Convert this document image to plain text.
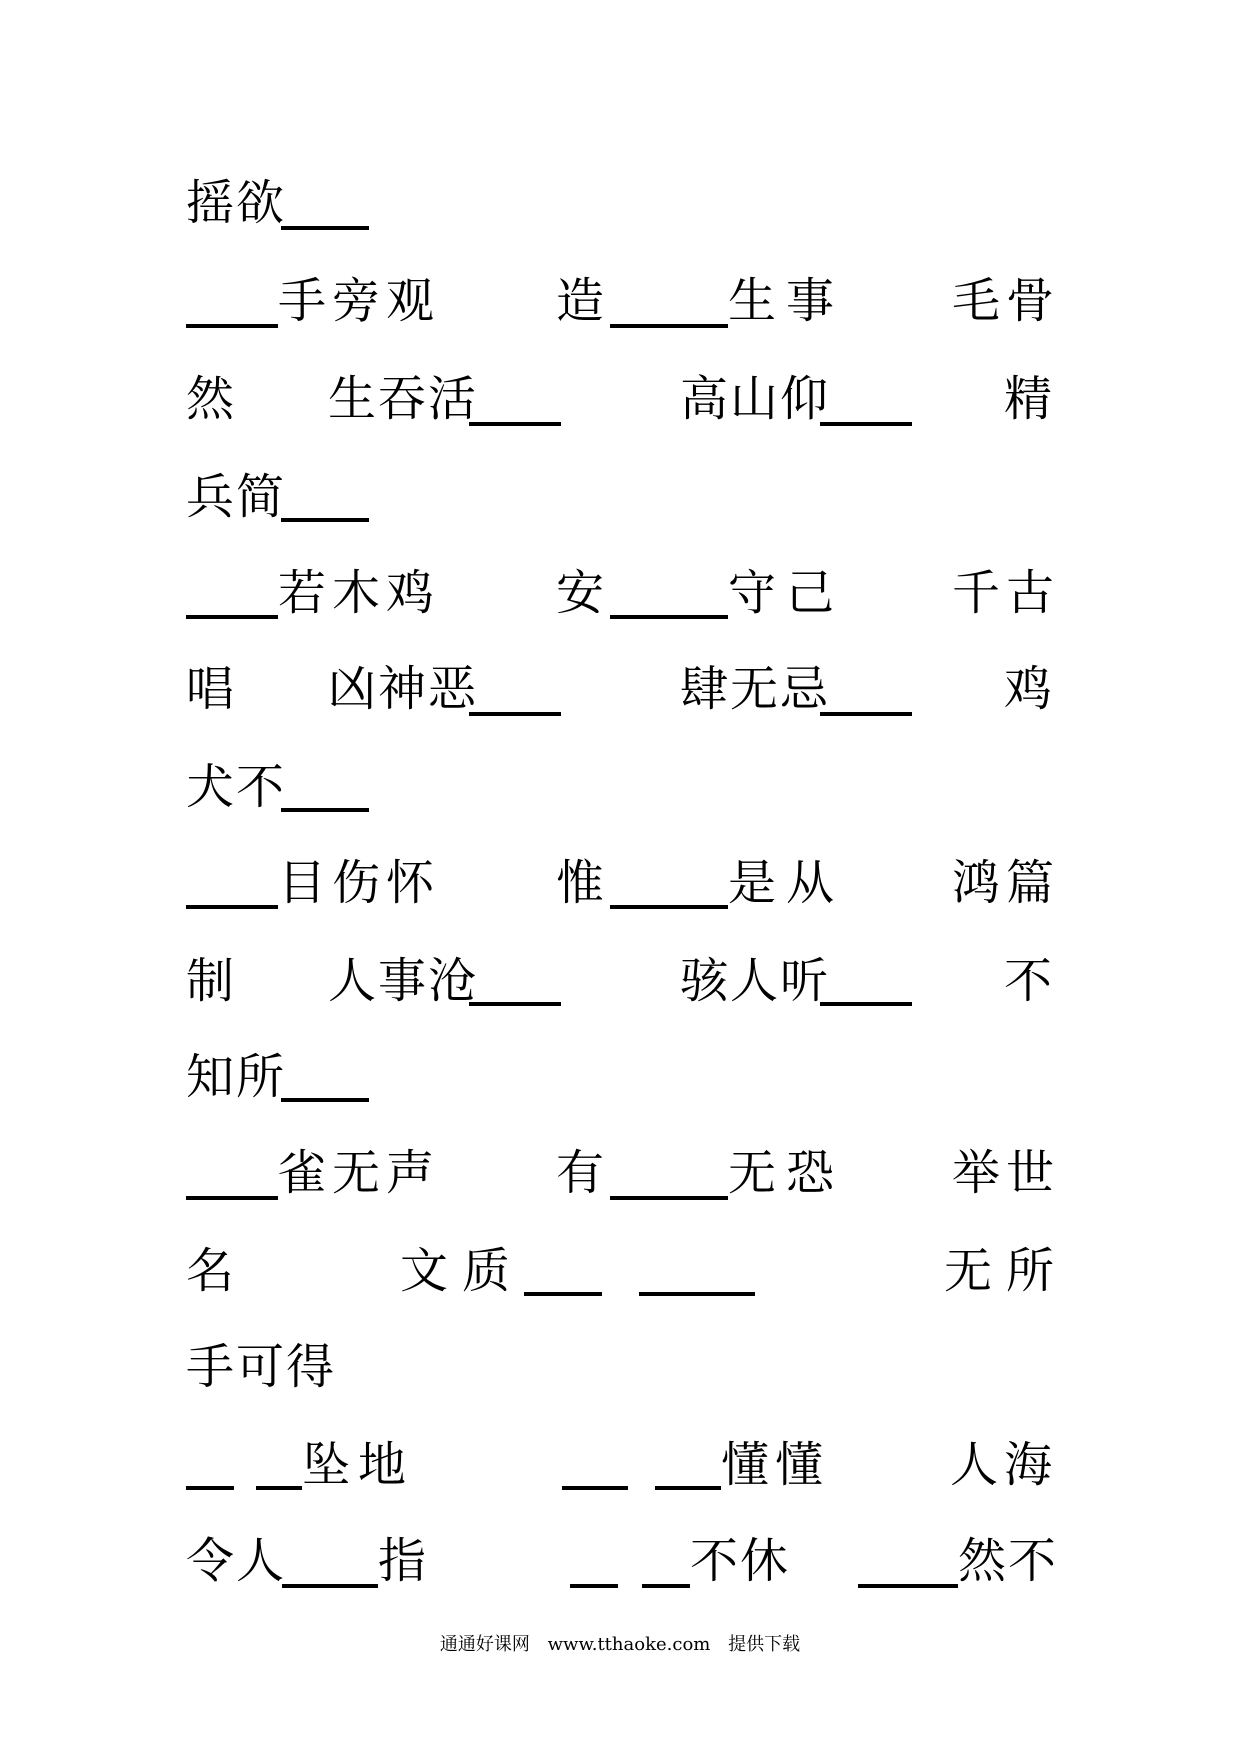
摇欲
手旁观 造	生事 毛骨
然 生吞活	高山仰	精
兵简
若木鸡 安	守己 千古
唱 凶神恶	肆无忌	鸡
犬不
目伤怀 惟	是从 鸿篇
制 人事沧	骇人听	不
知所
雀无声 有	无恐 举世
名	文质	无所
手可得
坠地	懂懂	人海
令人 指	不休	然不
通通好课网 www.tthaoke.com 提供下载
